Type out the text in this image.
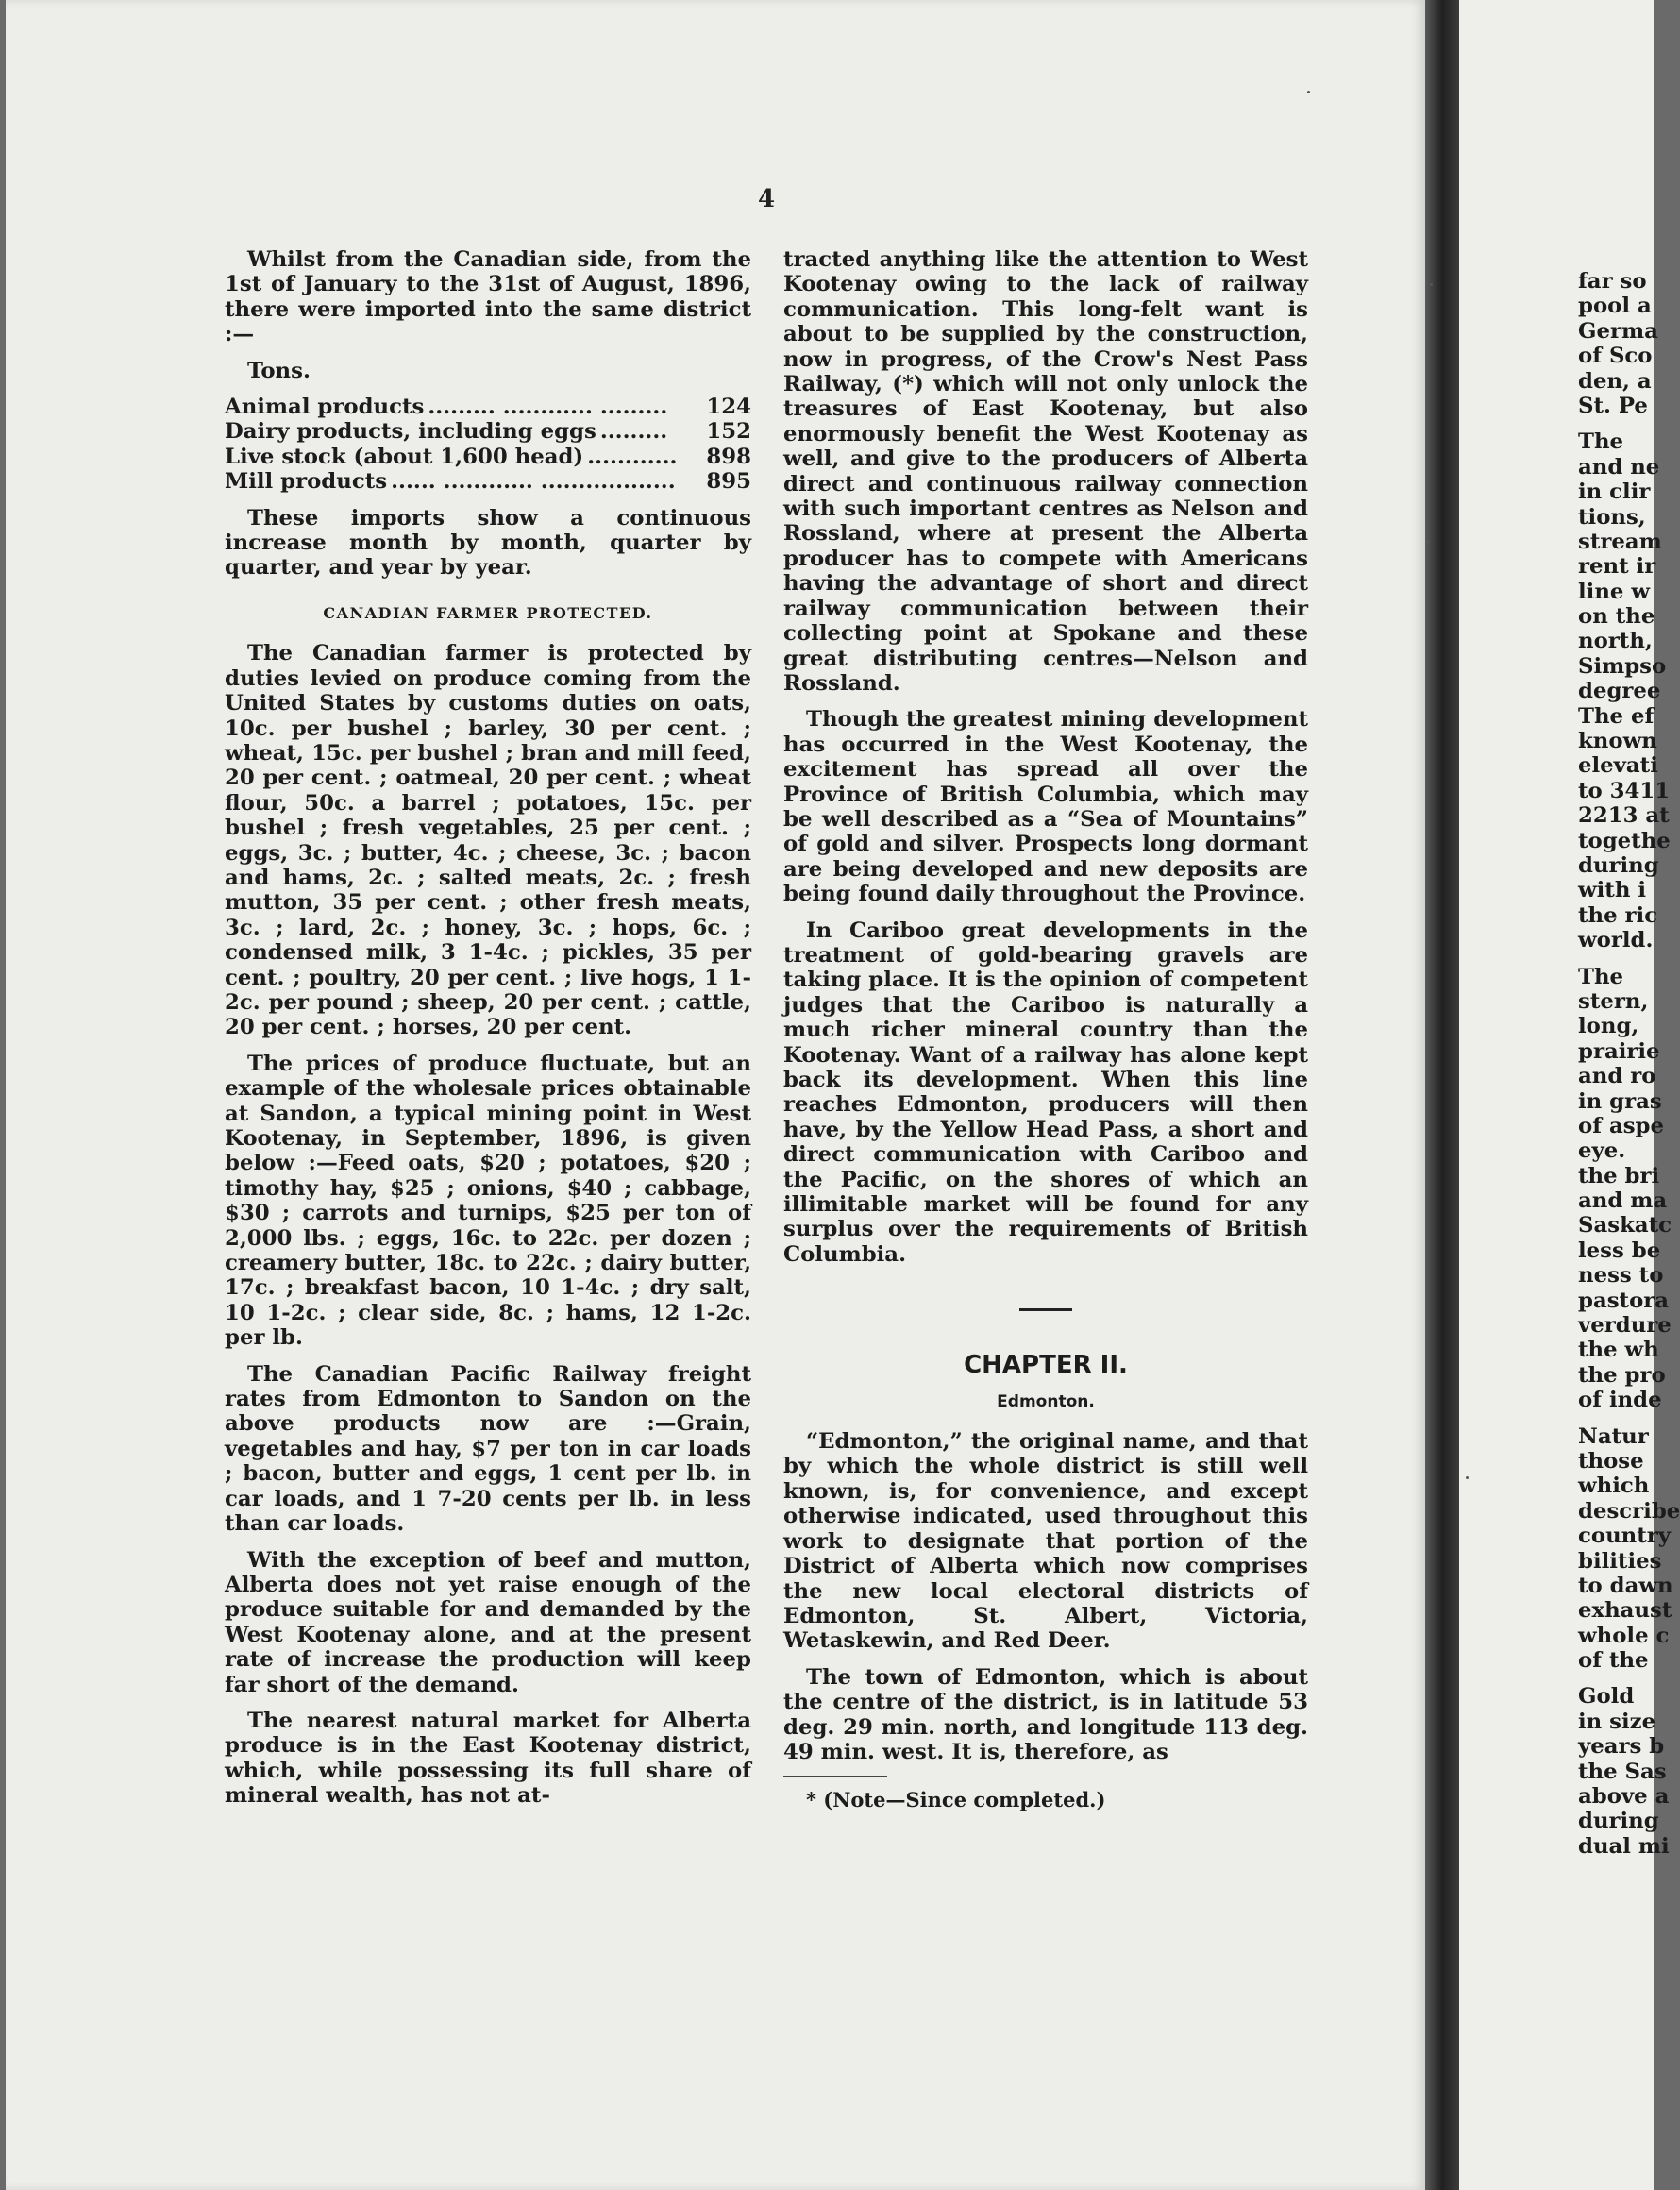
4

Whilst from the Canadian side, from the 1st of January to the 31st of August, 1896, there were imported into the same district :—

Tons.

Animal products ......... ............ .........	124
Dairy products, including eggs .........	152
Live stock (about 1,600 head) ............	898
Mill products ...... ............ ..................	895

These imports show a continuous increase month by month, quarter by quarter, and year by year.

CANADIAN FARMER PROTECTED.

The Canadian farmer is protected by duties levied on produce coming from the United States by customs duties on oats, 10c. per bushel ; barley, 30 per cent. ; wheat, 15c. per bushel ; bran and mill feed, 20 per cent. ; oatmeal, 20 per cent. ; wheat flour, 50c. a barrel ; potatoes, 15c. per bushel ; fresh vegetables, 25 per cent. ; eggs, 3c. ; butter, 4c. ; cheese, 3c. ; bacon and hams, 2c. ; salted meats, 2c. ; fresh mutton, 35 per cent. ; other fresh meats, 3c. ; lard, 2c. ; honey, 3c. ; hops, 6c. ; condensed milk, 3 1-4c. ; pickles, 35 per cent. ; poultry, 20 per cent. ; live hogs, 1 1-2c. per pound ; sheep, 20 per cent. ; cattle, 20 per cent. ; horses, 20 per cent.

The prices of produce fluctuate, but an example of the wholesale prices obtainable at Sandon, a typical mining point in West Kootenay, in September, 1896, is given below :—Feed oats, $20 ; potatoes, $20 ; timothy hay, $25 ; onions, $40 ; cabbage, $30 ; carrots and turnips, $25 per ton of 2,000 lbs. ; eggs, 16c. to 22c. per dozen ; creamery butter, 18c. to 22c. ; dairy butter, 17c. ; breakfast bacon, 10 1-4c. ; dry salt, 10 1-2c. ; clear side, 8c. ; hams, 12 1-2c. per lb.

The Canadian Pacific Railway freight rates from Edmonton to Sandon on the above products now are :—Grain, vegetables and hay, $7 per ton in car loads ; bacon, butter and eggs, 1 cent per lb. in car loads, and 1 7-20 cents per lb. in less than car loads.

With the exception of beef and mutton, Alberta does not yet raise enough of the produce suitable for and demanded by the West Kootenay alone, and at the present rate of increase the production will keep far short of the demand.

The nearest natural market for Alberta produce is in the East Kootenay district, which, while possessing its full share of mineral wealth, has not at-

tracted anything like the attention to West Kootenay owing to the lack of railway communication. This long-felt want is about to be supplied by the construction, now in progress, of the Crow's Nest Pass Railway, (*) which will not only unlock the treasures of East Kootenay, but also enormously benefit the West Kootenay as well, and give to the producers of Alberta direct and continuous railway connection with such important centres as Nelson and Rossland, where at present the Alberta producer has to compete with Americans having the advantage of short and direct railway communication between their collecting point at Spokane and these great distributing centres—Nelson and Rossland.

Though the greatest mining development has occurred in the West Kootenay, the excitement has spread all over the Province of British Columbia, which may be well described as a “Sea of Mountains” of gold and silver. Prospects long dormant are being developed and new deposits are being found daily throughout the Province.

In Cariboo great developments in the treatment of gold-bearing gravels are taking place. It is the opinion of competent judges that the Cariboo is naturally a much richer mineral country than the Kootenay. Want of a railway has alone kept back its development. When this line reaches Edmonton, producers will then have, by the Yellow Head Pass, a short and direct communication with Cariboo and the Pacific, on the shores of which an illimitable market will be found for any surplus over the requirements of British Columbia.

CHAPTER II.
Edmonton.

“Edmonton,” the original name, and that by which the whole district is still well known, is, for convenience, and except otherwise indicated, used throughout this work to designate that portion of the District of Alberta which now comprises the new local electoral districts of Edmonton, St. Albert, Victoria, Wetaskewin, and Red Deer.

The town of Edmonton, which is about the centre of the district, is in latitude 53 deg. 29 min. north, and longitude 113 deg. 49 min. west. It is, therefore, as

* (Note—Since completed.)

far so
pool a
Germa
of Sco
den, a
St. Pe
The
and ne
in clir
tions,
stream
rent ir
line w
on the
north,
Simpso
degree
The ef
known
elevati
to 3411
2213 at
togethe
during
with i
the ric
world.
The
stern,
long,
prairie
and ro
in gras
of aspe
eye.
the bri
and ma
Saskatc
less be
ness to
pastora
verdure
the wh
the pro
of inde
Natur
those
which
describe
country
bilities
to dawn
exhaust
whole c
of the
Gold
in size
years b
the Sas
above a
during
dual mi
